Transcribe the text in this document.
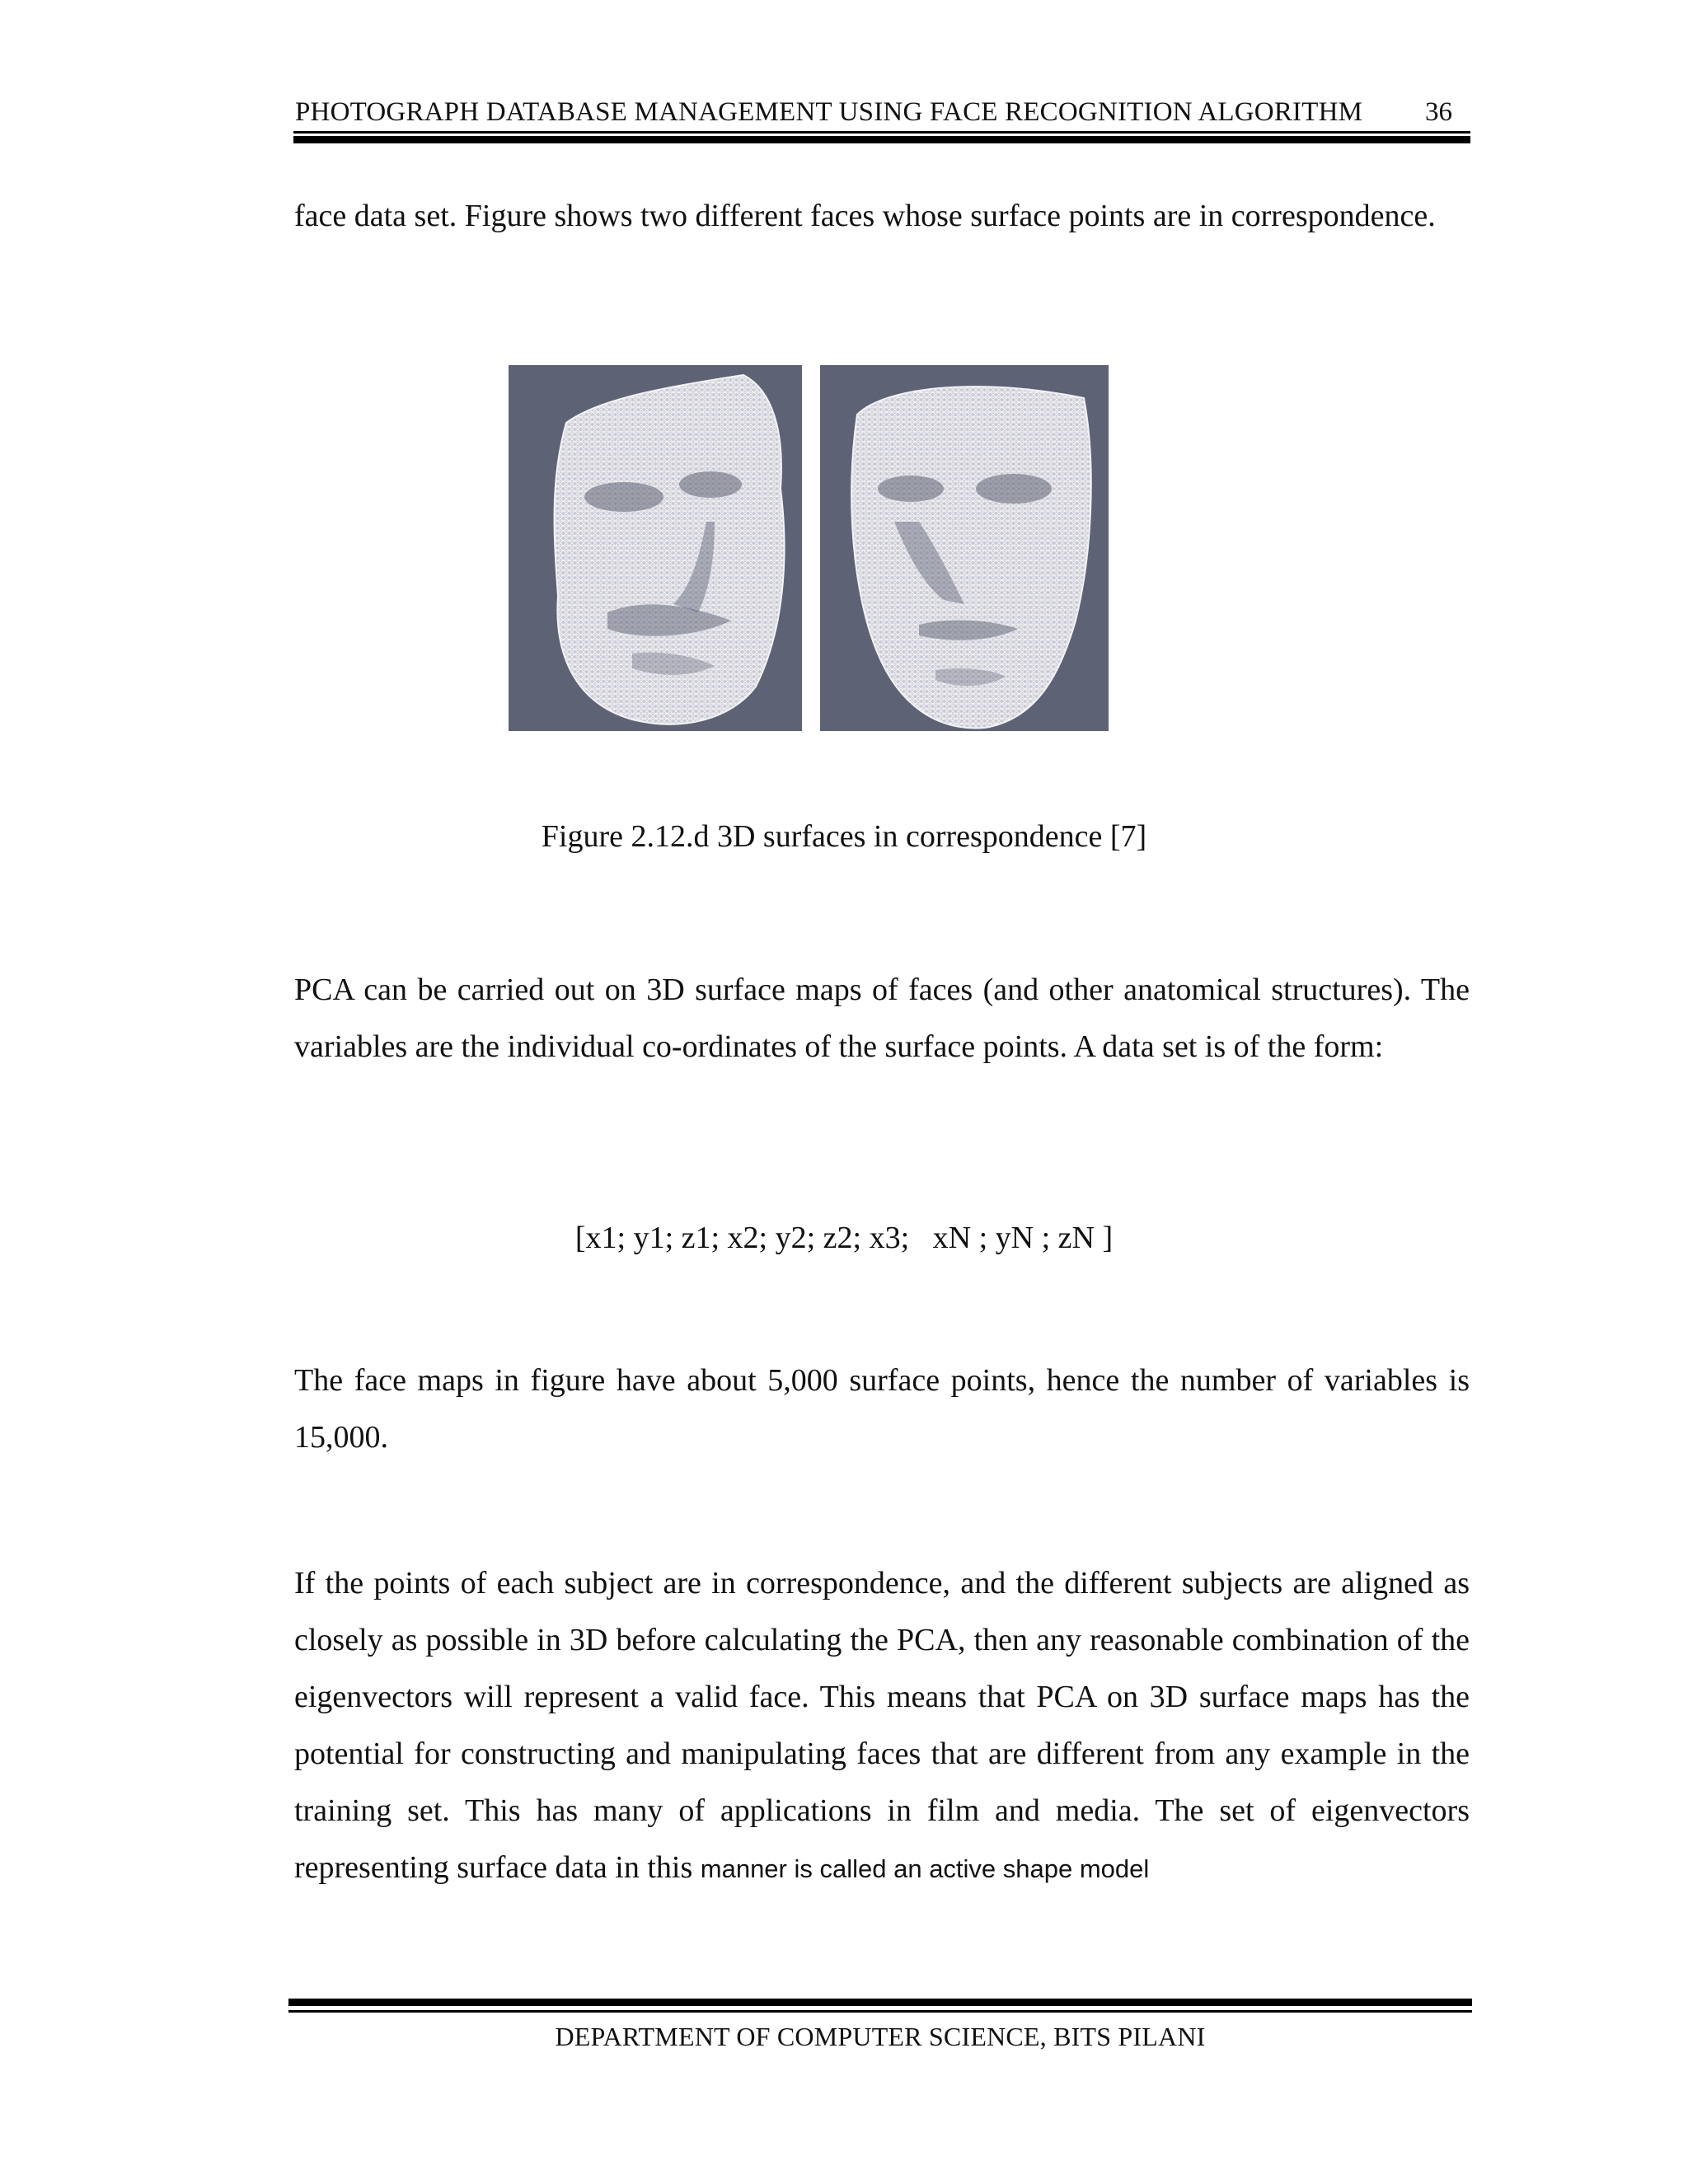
PHOTOGRAPH DATABASE MANAGEMENT USING FACE RECOGNITION ALGORITHM 36

face data set. Figure shows two different faces whose surface points are in correspondence.

Figure 2.12.d 3D surfaces in correspondence [7]

PCA can be carried out on 3D surface maps of faces (and other anatomical structures). The variables are the individual co-ordinates of the surface points. A data set is of the form:

[x1; y1; z1; x2; y2; z2; x3;   xN ; yN ; zN ]

The face maps in figure have about 5,000 surface points, hence the number of variables is 15,000.

If the points of each subject are in correspondence, and the different subjects are aligned as closely as possible in 3D before calculating the PCA, then any reasonable combination of the eigenvectors will represent a valid face. This means that PCA on 3D surface maps has the potential for constructing and manipulating faces that are different from any example in the training set. This has many of applications in film and media. The set of eigenvectors representing surface data in this manner is called an active shape model

DEPARTMENT OF COMPUTER SCIENCE, BITS PILANI
